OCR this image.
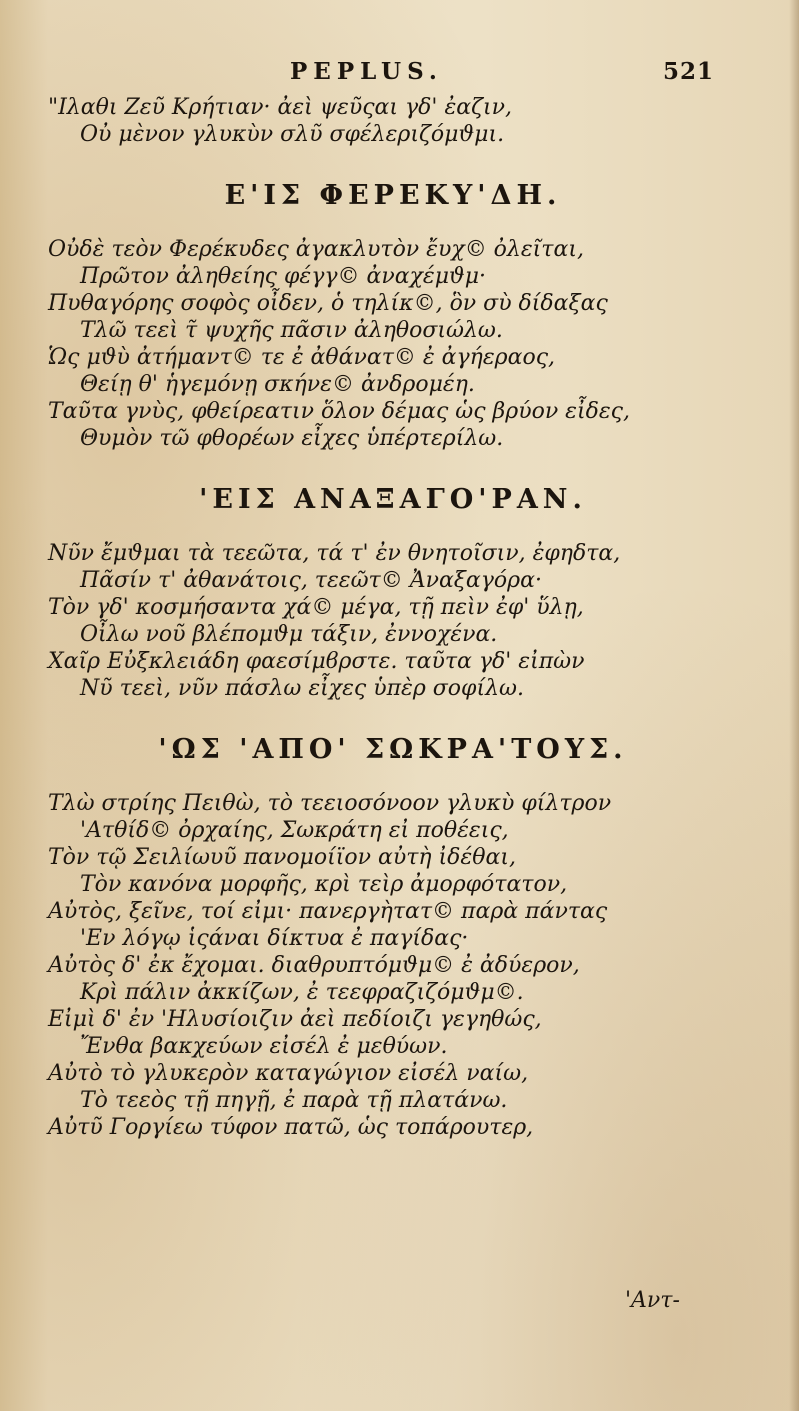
PEPLUS.	521
"Ιλαθι Ζεῦ Κρήτιαν· ἀεὶ ψεῦςαι γδ' ἐαζιν,
Οὐ μὲνον γλυκὺν σλῦ σφέλεριζόμϑμι.
Ε'ΙΣ ΦΕΡΕΚΥ'ΔΗ.
Οὐδὲ τεὸν Φερέκυδες ἀγακλυτὸν ἔυχ© ὀλεῖται,
Πρῶτον ἀληθείης φέγγ© ἀναχέμϑμ·
Πυθαγόρης σοφὸς οἶδεν, ὁ τηλίκ©, ὃν σὺ δίδαξας
Τλῶ τεεὶ τ̃ ψυχῆς πᾶσιν ἀληθοσιώλω.
Ὡς μϑὺ ἀτήμαντ© τε ἐ ἀθάνατ© ἐ ἀγήεραος,
Θείῃ θ' ἡγεμόνῃ σκήνε© ἀνδρομέη.
Ταῦτα γνὺς, φθείρεατιν ὅλον δέμας ὡς βρύον εἶδες,
Θυμὸν τῶ φθορέων εἶχες ὑπέρτερίλω.
'ΕΙΣ ΑΝΑΞΑΓΟ'ΡΑΝ.
Νῦν ἔμϑμαι τὰ τεεῶτα, τά τ' ἐν θνητοῖσιν, ἐφηδτα,
Πᾶσίν τ' ἀθανάτοις, τεεῶτ© Ἀναξαγόρα·
Τὸν γδ' κοσμήσαντα χά© μέγα, τῇ πεὶν ἐφ' ὕλῃ,
Οἶλω νοῦ βλέπομϑμ τάξιν, ἐννοχένα.
Χαῖρ Εὐξκλειάδη φαεσίμϐρστε. ταῦτα γδ' εἰπὼν
Νῦ τεεὶ, νῦν πάσλω εἶχες ὑπὲρ σοφίλω.
'ΩΣ 'ΑΠΟ' ΣΩΚΡΑ'ΤΟΥΣ.
Τλὼ στρίης Πειθὼ, τὸ τεειοσόνοον γλυκὺ φίλτρον
'Ατθίδ© ὀρχαίης, Σωκράτη εἰ ποθέεις,
Τὸν τῷ Σειλίωυῦ πανομοίϊον αὐτὴ ἰδέθαι,
Τὸν κανόνα μορφῆς, κρὶ τεὶρ ἀμορφότατον,
Αὐτὸς, ξεῖνε, τοί εἰμι· πανεργὴτατ© παρὰ πάντας
'Εν λόγῳ ἱςάναι δίκτυα ἐ παγίδας·
Αὐτὸς δ' ἐκ ἔχομαι. διαθρυπτόμϑμ© ἐ ἀδύερον,
Κρὶ πάλιν ἀκκίζων, ἐ τεεφραζιζόμϑμ©.
Εἰμὶ δ' ἐν 'Ηλυσίοιζιν ἀεὶ πεδίοιζι γεγηθώς,
Ἔνθα βακχεύων εἰσέλ ἐ μεθύων.
Αὐτὸ τὸ γλυκερὸν καταγώγιον εἰσέλ ναίω,
Τὸ τεεὸς τῇ πηγῇ, ἐ παρὰ τῇ πλατάνω.
Αὐτῦ Γοργίεω τύφον πατῶ, ὡς τοπάρουτερ,
'Αντ-
